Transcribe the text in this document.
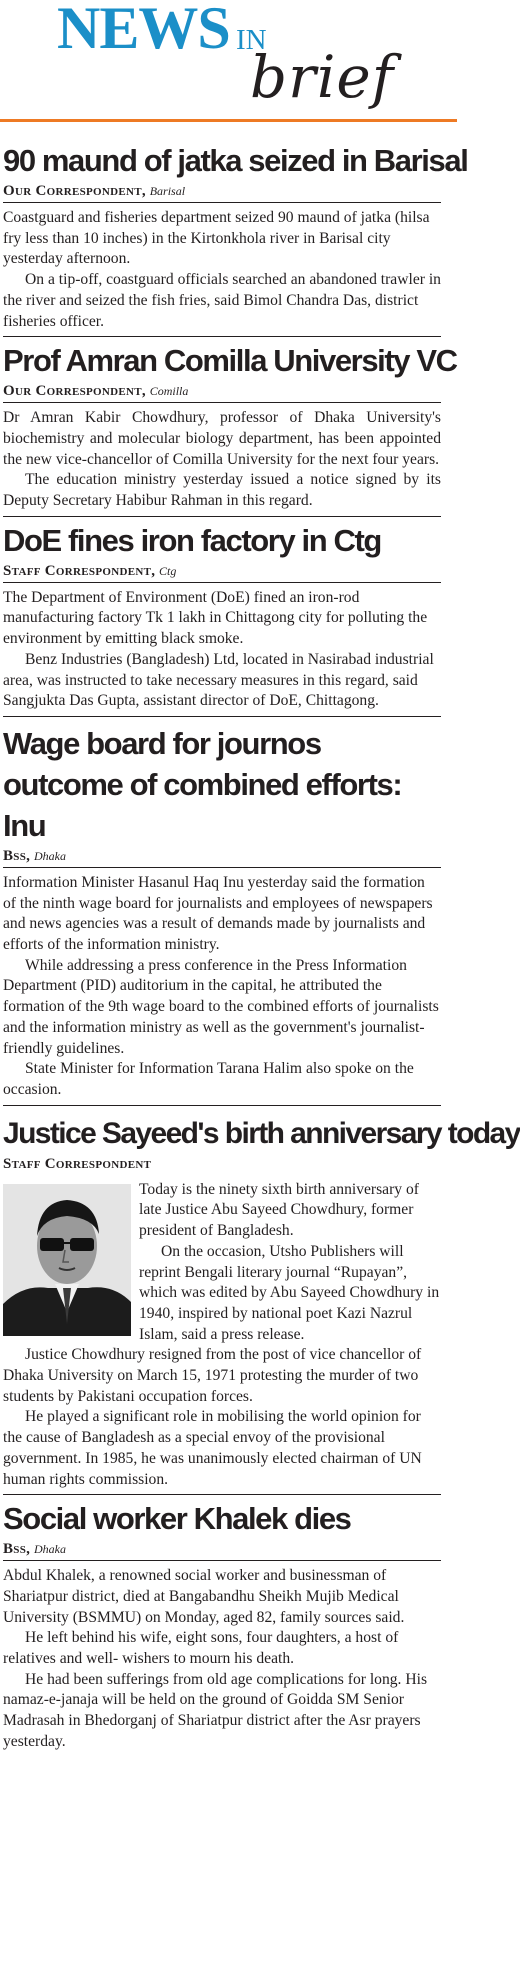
NEWS IN
brief
90 maund of jatka seized in Barisal
Our Correspondent, Barisal

Coastguard and fisheries department seized 90 maund of jatka (hilsa fry less than 10 inches) in the Kirtonkhola river in Barisal city yesterday afternoon.

On a tip-off, coastguard officials searched an abandoned trawler in the river and seized the fish fries, said Bimol Chandra Das, district fisheries officer.

Prof Amran Comilla University VC
Our Correspondent, Comilla

Dr Amran Kabir Chowdhury, professor of Dhaka University's biochemistry and molecular biology department, has been appointed the new vice-chancellor of Comilla University for the next four years.

The education ministry yesterday issued a notice signed by its Deputy Secretary Habibur Rahman in this regard.

DoE fines iron factory in Ctg
Staff Correspondent, Ctg

The Department of Environment (DoE) fined an iron-rod manufacturing factory Tk 1 lakh in Chittagong city for polluting the environment by emitting black smoke.

Benz Industries (Bangladesh) Ltd, located in Nasirabad industrial area, was instructed to take necessary measures in this regard, said Sangjukta Das Gupta, assistant director of DoE, Chittagong.

Wage board for journos outcome of combined efforts: Inu
Bss, Dhaka

Information Minister Hasanul Haq Inu yesterday said the formation of the ninth wage board for journalists and employees of newspapers and news agencies was a result of demands made by journalists and efforts of the information ministry.

While addressing a press conference in the Press Information Department (PID) auditorium in the capital, he attributed the formation of the 9th wage board to the combined efforts of journalists and the information ministry as well as the government's journalist-friendly guidelines.

State Minister for Information Tarana Halim also spoke on the occasion.

Justice Sayeed's birth anniversary today
Staff Correspondent

Today is the ninety sixth birth anniversary of late Justice Abu Sayeed Chowdhury, former president of Bangladesh.

On the occasion, Utsho Publishers will reprint Bengali literary journal “Rupayan”, which was edited by Abu Sayeed Chowdhury in 1940, inspired by national poet Kazi Nazrul Islam, said a press release.

Justice Chowdhury resigned from the post of vice chancellor of Dhaka University on March 15, 1971 protesting the murder of two students by Pakistani occupation forces.

He played a significant role in mobilising the world opinion for the cause of Bangladesh as a special envoy of the provisional government. In 1985, he was unanimously elected chairman of UN human rights commission.

Social worker Khalek dies
Bss, Dhaka

Abdul Khalek, a renowned social worker and businessman of Shariatpur district, died at Bangabandhu Sheikh Mujib Medical University (BSMMU) on Monday, aged 82, family sources said.

He left behind his wife, eight sons, four daughters, a host of relatives and well- wishers to mourn his death.

He had been sufferings from old age complications for long. His namaz-e-janaja will be held on the ground of Goidda SM Senior Madrasah in Bhedorganj of Shariatpur district after the Asr prayers yesterday.
